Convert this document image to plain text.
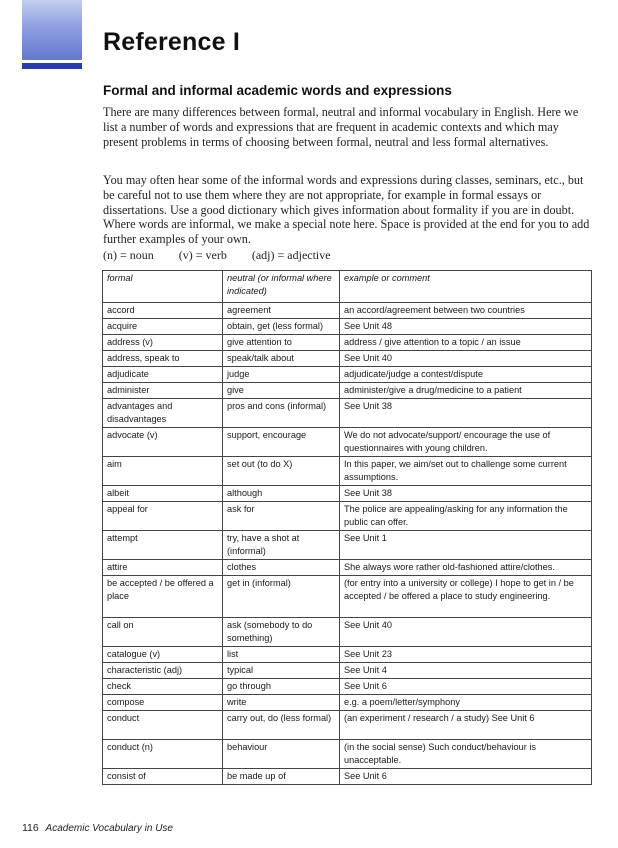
Reference I
Formal and informal academic words and expressions

There are many differences between formal, neutral and informal vocabulary in English. Here we list a number of words and expressions that are frequent in academic contexts and which may present problems in terms of choosing between formal, neutral and less formal alternatives.

You may often hear some of the informal words and expressions during classes, seminars, etc., but be careful not to use them where they are not appropriate, for example in formal essays or dissertations. Use a good dictionary which gives information about formality if you are in doubt. Where words are informal, we make a special note here. Space is provided at the end for you to add further examples of your own.

(n) = noun (v) = verb (adj) = adjective
formal	neutral (or informal where indicated)	example or comment
accord	agreement	an accord/agreement between two countries
acquire	obtain, get (less formal)	See Unit 48
address (v)	give attention to	address / give attention to a topic / an issue
address, speak to	speak/talk about	See Unit 40
adjudicate	judge	adjudicate/judge a contest/dispute
administer	give	administer/give a drug/medicine to a patient
advantages and disadvantages	pros and cons (informal)	See Unit 38
advocate (v)	support, encourage	We do not advocate/support/ encourage the use of questionnaires with young children.
aim	set out (to do X)	In this paper, we aim/set out to challenge some current assumptions.
albeit	although	See Unit 38
appeal for	ask for	The police are appealing/asking for any information the public can offer.
attempt	try, have a shot at (informal)	See Unit 1
attire	clothes	She always wore rather old-fashioned attire/clothes.
be accepted / be offered a place	get in (informal)	(for entry into a university or college) I hope to get in / be accepted / be offered a place to study engineering.
call on	ask (somebody to do something)	See Unit 40
catalogue (v)	list	See Unit 23
characteristic (adj)	typical	See Unit 4
check	go through	See Unit 6
compose	write	e.g. a poem/letter/symphony
conduct	carry out, do (less formal)	(an experiment / research / a study) See Unit 6
conduct (n)	behaviour	(in the social sense) Such conduct/behaviour is unacceptable.
consist of	be made up of	See Unit 6
116 Academic Vocabulary in Use
